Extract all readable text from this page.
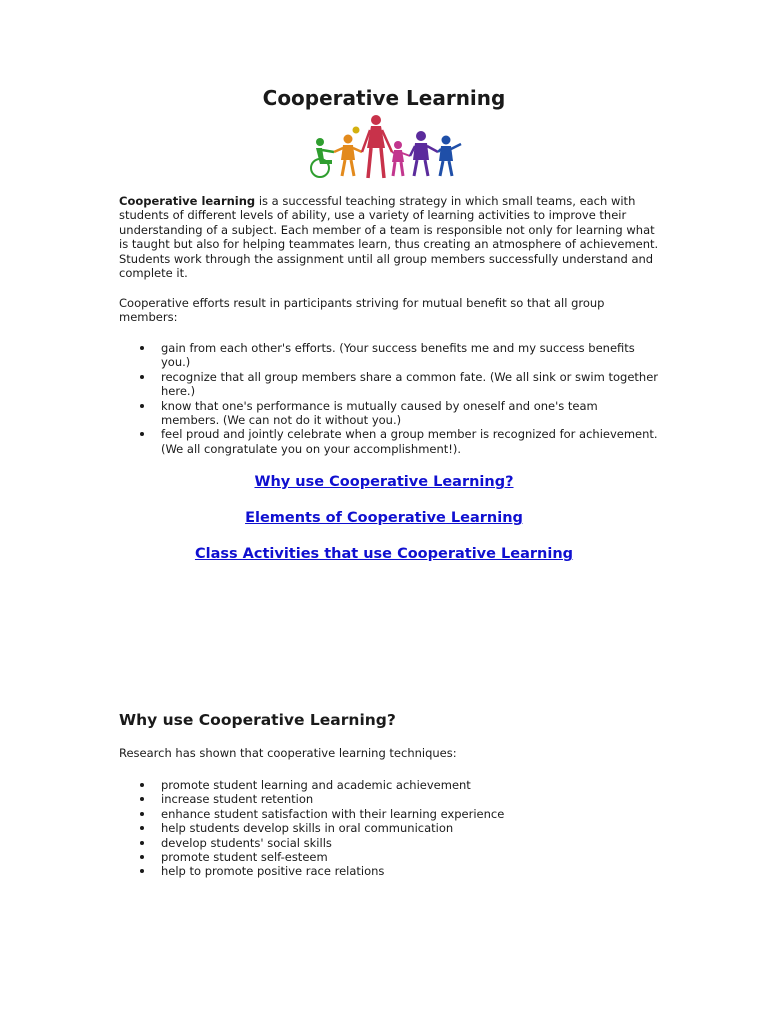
Cooperative Learning

Cooperative learning is a successful teaching strategy in which small teams, each with students of different levels of ability, use a variety of learning activities to improve their understanding of a subject. Each member of a team is responsible not only for learning what is taught but also for helping teammates learn, thus creating an atmosphere of achievement. Students work through the assignment until all group members successfully understand and complete it.

Cooperative efforts result in participants striving for mutual benefit so that all group members:

gain from each other's efforts. (Your success benefits me and my success benefits you.)
recognize that all group members share a common fate. (We all sink or swim together here.)
know that one's performance is mutually caused by oneself and one's team members. (We can not do it without you.)
feel proud and jointly celebrate when a group member is recognized for achievement. (We all congratulate you on your accomplishment!).
Why use Cooperative Learning?
Elements of Cooperative Learning
Class Activities that use Cooperative Learning
Why use Cooperative Learning?

Research has shown that cooperative learning techniques:

promote student learning and academic achievement
increase student retention
enhance student satisfaction with their learning experience
help students develop skills in oral communication
develop students' social skills
promote student self-esteem
help to promote positive race relations
